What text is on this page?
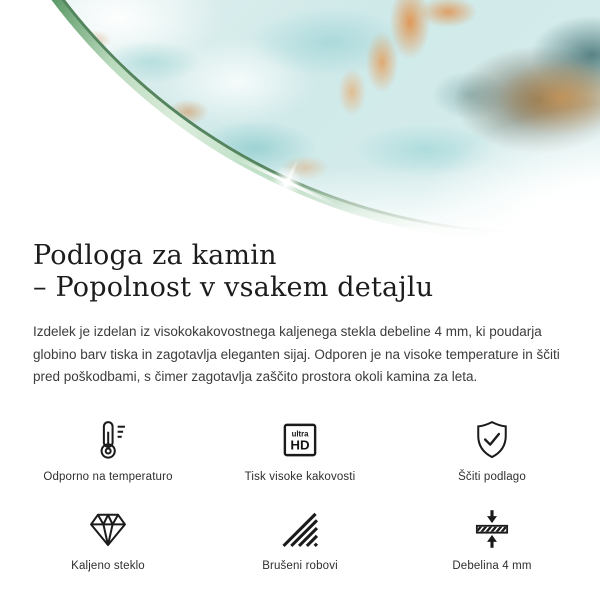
Podloga za kamin
– Popolnost v vsakem detajlu

Izdelek je izdelan iz visokokakovostnega kaljenega stekla debeline 4 mm, ki poudarja globino barv tiska in zagotavlja eleganten sijaj. Odporen je na visoke temperature in ščiti pred poškodbami, s čimer zagotavlja zaščito prostora okoli kamina za leta.

Odporno na temperaturo
ultra
HD
Tisk visoke kakovosti	Ščiti podlago
Kaljeno steklo	Brušeni robovi	Debelina 4 mm
